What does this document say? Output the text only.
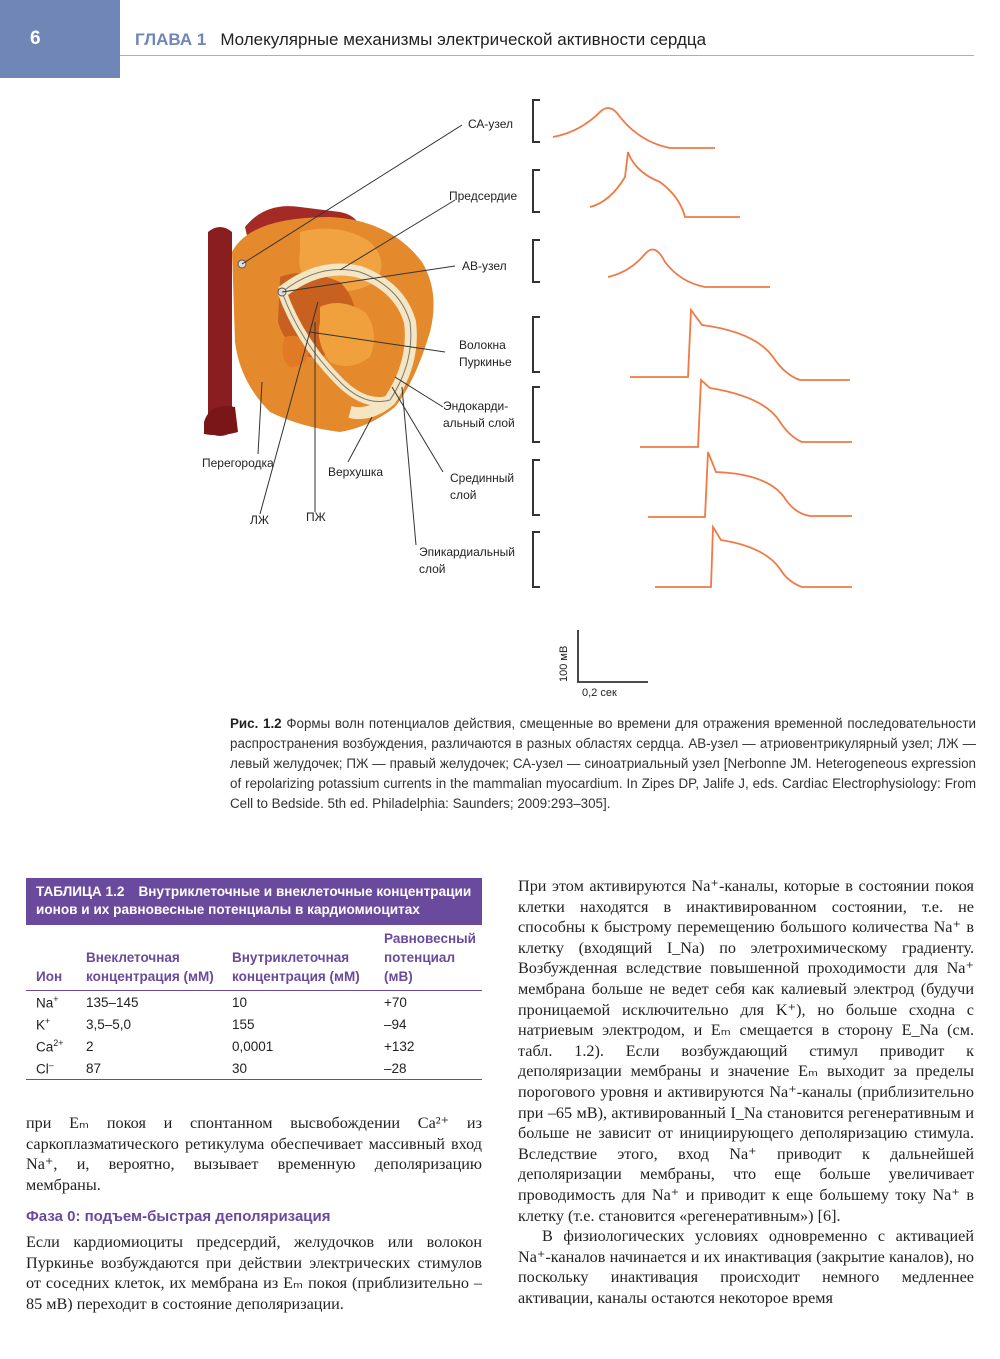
6	ГЛАВА 1 Молекулярные механизмы электрической активности сердца
СА-узел
Предсердие
АВ-узел
Волокна
Пуркинье
Эндокарди-
альный слой
Срединный
слой
Эпикардиальный
слой
Перегородка
Верхушка
ЛЖ	ПЖ
100 мВ
0,2 сек
Рис. 1.2 Формы волн потенциалов действия, смещенные во времени для отражения временной последовательности распространения возбуждения, различаются в разных областях сердца. АВ-узел — атриовентрикулярный узел; ЛЖ — левый желудочек; ПЖ — правый желудочек; СА-узел — синоатриальный узел [Nerbonne JM. Heterogeneous expression of repolarizing potassium currents in the mammalian myocardium. In Zipes DP, Jalife J, eds. Cardiac Electrophysiology: From Cell to Bedside. 5th ed. Philadelphia: Saunders; 2009:293–305].
ТАБЛИЦА 1.2 Внутриклеточные и внеклеточные концентрации ионов и их равновесные потенциалы в кардиомиоцитах
Ион	Внеклеточная концентрация (мМ)	Внутриклеточная концентрация (мМ)	Равновесный потенциал (мВ)
Na+	135–145	10	+70
K+	3,5–5,0	155	–94
$Ca^{2+}$	2	0,0001	+132
Cl–	87	30	–28

при Eₘ покоя и спонтанном высвобождении Ca²⁺ из саркоплазматического ретикулума обеспечивает массивный вход Na⁺, и, вероятно, вызывает временную деполяризацию мембраны.

Фаза 0: подъем-быстрая деполяризация

Если кардиомиоциты предсердий, желудочков или волокон Пуркинье возбуждаются при действии электрических стимулов от соседних клеток, их мембрана из Eₘ покоя (приблизительно –85 мВ) переходит в состояние деполяризации.

При этом активируются Na⁺-каналы, которые в состоянии покоя клетки находятся в инактивированном состоянии, т.е. не способны к быстрому перемещению большого количества Na⁺ в клетку (входящий I_Na) по элетрохимическому градиенту. Возбужденная вследствие повышенной проходимости для Na⁺ мембрана больше не ведет себя как калиевый электрод (будучи проницаемой исключительно для K⁺), но больше сходна с натриевым электродом, и Eₘ смещается в сторону E_Na (см. табл. 1.2). Если возбуждающий стимул приводит к деполяризации мембраны и значение Eₘ выходит за пределы порогового уровня и активируются Na⁺-каналы (приблизительно при –65 мВ), активированный I_Na становится регенеративным и больше не зависит от инициирующего деполяризацию стимула. Вследствие этого, вход Na⁺ приводит к дальнейшей деполяризации мембраны, что еще больше увеличивает проводимость для Na⁺ и приводит к еще большему току Na⁺ в клетку (т.е. становится «регенеративным») [6].

В физиологических условиях одновременно с активацией Na⁺-каналов начинается и их инактивация (закрытие каналов), но поскольку инактивация происходит немного медленнее активации, каналы остаются некоторое время
